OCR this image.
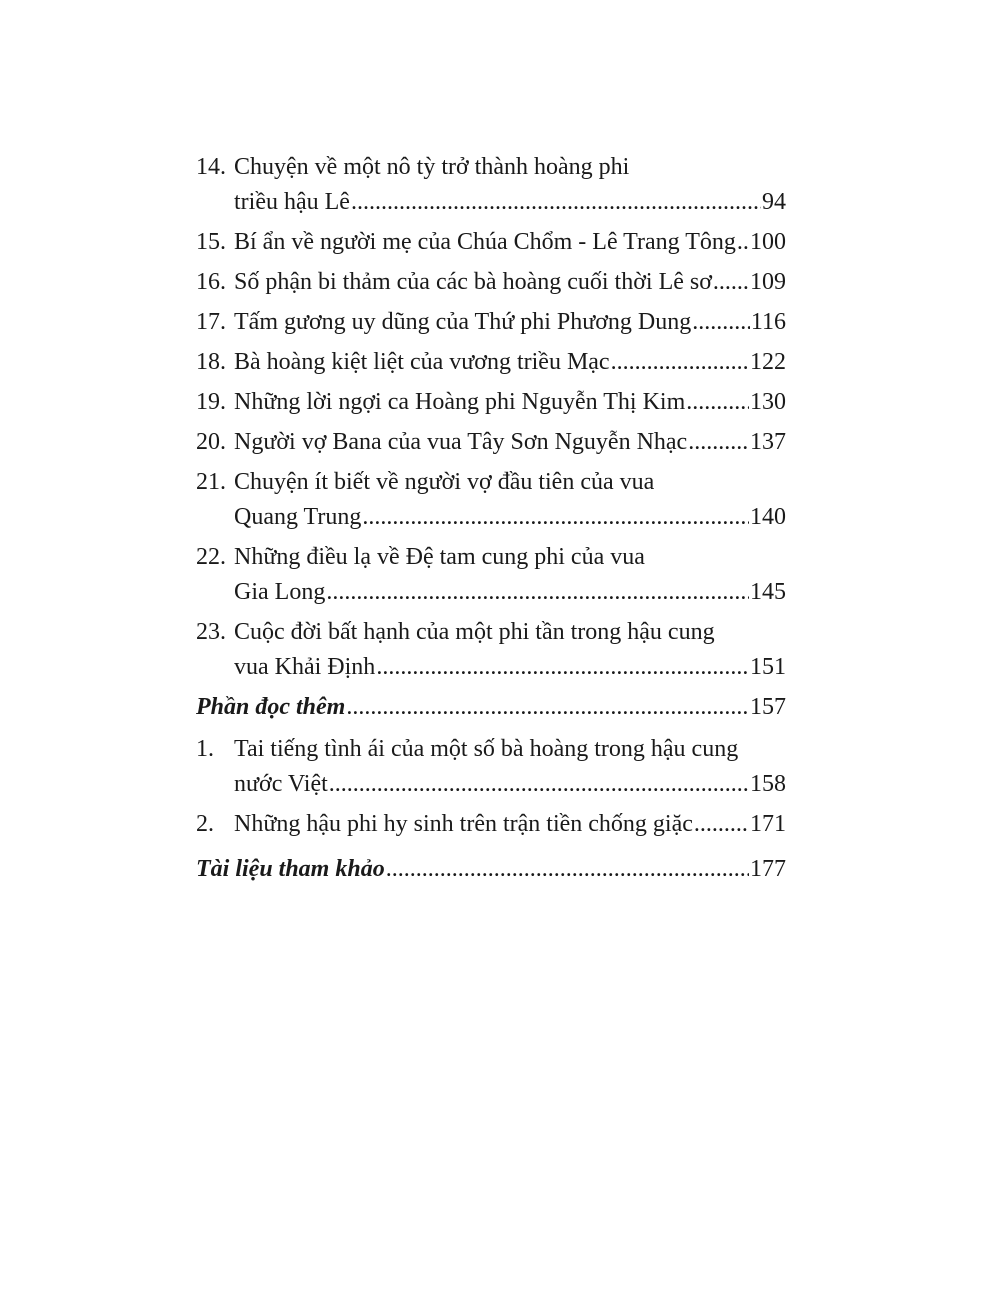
14. Chuyện về một nô tỳ trở thành hoàng phi
triều hậu Lê .....	94
15. Bí ẩn về người mẹ của Chúa Chổm - Lê Trang Tông ..... 100
16. Số phận bi thảm của các bà hoàng cuối thời Lê sơ ..... 109
17. Tấm gương uy dũng của Thứ phi Phương Dung ..... 116
18. Bà hoàng kiệt liệt của vương triều Mạc .....	122
19. Những lời ngợi ca Hoàng phi Nguyễn Thị Kim .....	130
20. Người vợ Bana của vua Tây Sơn Nguyễn Nhạc .....	137
21. Chuyện ít biết về người vợ đầu tiên của vua
Quang Trung .....	140
22. Những điều lạ về Đệ tam cung phi của vua
Gia Long .....	145
23. Cuộc đời bất hạnh của một phi tần trong hậu cung
vua Khải Định .....	151
Phần đọc thêm .....	157
1. Tai tiếng tình ái của một số bà hoàng trong hậu cung
nước Việt .....	158
2. Những hậu phi hy sinh trên trận tiền chống giặc ..... 171
Tài liệu tham khảo .....	177
